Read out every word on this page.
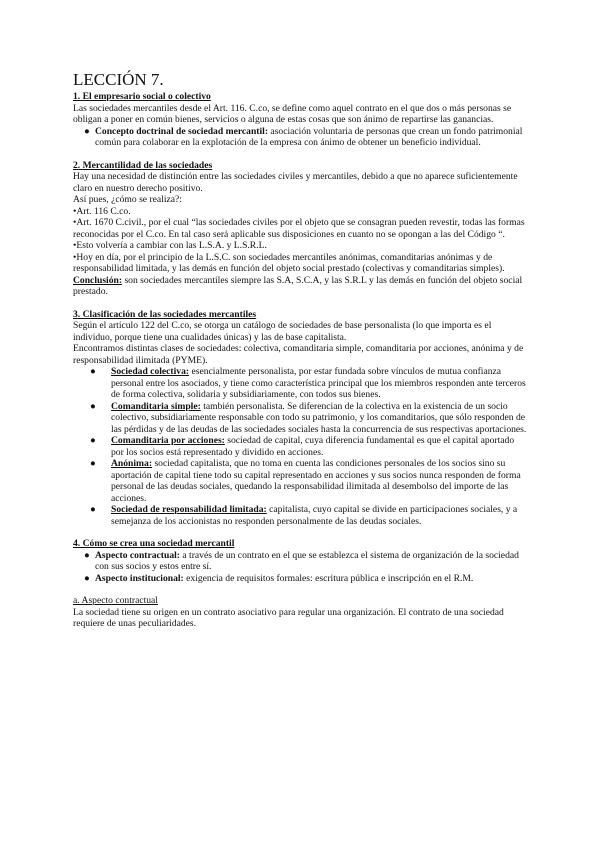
LECCIÓN 7.

1. El empresario social o colectivo

Las sociedades mercantiles desde el Art. 116. C.co, se define como aquel contrato en el que dos o más personas se obligan a poner en común bienes, servicios o alguna de estas cosas que son ánimo de repartirse las ganancias.

● Concepto doctrinal de sociedad mercantil: asociación voluntaria de personas que crean un fondo patrimonial común para colaborar en la explotación de la empresa con ánimo de obtener un beneficio individual.

2. Mercantilidad de las sociedades

Hay una necesidad de distinción entre las sociedades civiles y mercantiles, debido a que no aparece suficientemente claro en nuestro derecho positivo.

Así pues, ¿cómo se realiza?:

•Art. 116 C.co.

•Art. 1670 C.civil., por el cual “las sociedades civiles por el objeto que se consagran pueden revestir, todas las formas reconocidas por el C.co. En tal caso será aplicable sus disposiciones en cuanto no se opongan a las del Código “.

•Esto volvería a cambiar con las L.S.A. y L.S.R.L.

•Hoy en día, por el principio de la L.S.C. son sociedades mercantiles anónimas, comanditarias anónimas y de responsabilidad limitada, y las demás en función del objeto social prestado (colectivas y comanditarias simples).

Conclusión: son sociedades mercantiles siempre las S.A, S.C.A, y las S.R.L y las demás en función del objeto social prestado.

3. Clasificación de las sociedades mercantiles

Según el artículo 122 del C.co, se otorga un catálogo de sociedades de base personalista (lo que importa es el individuo, porque tiene una cualidades únicas) y las de base capitalista.

Encontramos distintas clases de sociedades: colectiva, comanditaria simple, comanditaria por acciones, anónima y de responsabilidad ilimitada (PYME).

● Sociedad colectiva: esencialmente personalista, por estar fundada sobre vínculos de mutua confianza personal entre los asociados, y tiene como característica principal que los miembros responden ante terceros de forma colectiva, solidaria y subsidiariamente, con todos sus bienes.
● Comanditaria simple: también personalista. Se diferencian de la colectiva en la existencia de un socio colectivo, subsidiariamente responsable con todo su patrimonio, y los comanditarios, que sólo responden de las pérdidas y de las deudas de las sociedades sociales hasta la concurrencia de sus respectivas aportaciones.
● Comanditaria por acciones: sociedad de capital, cuya diferencia fundamental es que el capital aportado por los socios está representado y dividido en acciones.
● Anónima: sociedad capitalista, que no toma en cuenta las condiciones personales de los socios sino su aportación de capital tiene todo su capital representado en acciones y sus socios nunca responden de forma personal de las deudas sociales, quedando la responsabilidad ilimitada al desembolso del importe de las acciones.
● Sociedad de responsabilidad limitada: capitalista, cuyo capital se divide en participaciones sociales, y a semejanza de los accionistas no responden personalmente de las deudas sociales.

4. Cómo se crea una sociedad mercantil

● Aspecto contractual: a través de un contrato en el que se establezca el sistema de organización de la sociedad con sus socios y estos entre sí.
● Aspecto institucional: exigencia de requisitos formales: escritura pública e inscripción en el R.M.

a. Aspecto contractual

La sociedad tiene su origen en un contrato asociativo para regular una organización. El contrato de una sociedad requiere de unas peculiaridades.
